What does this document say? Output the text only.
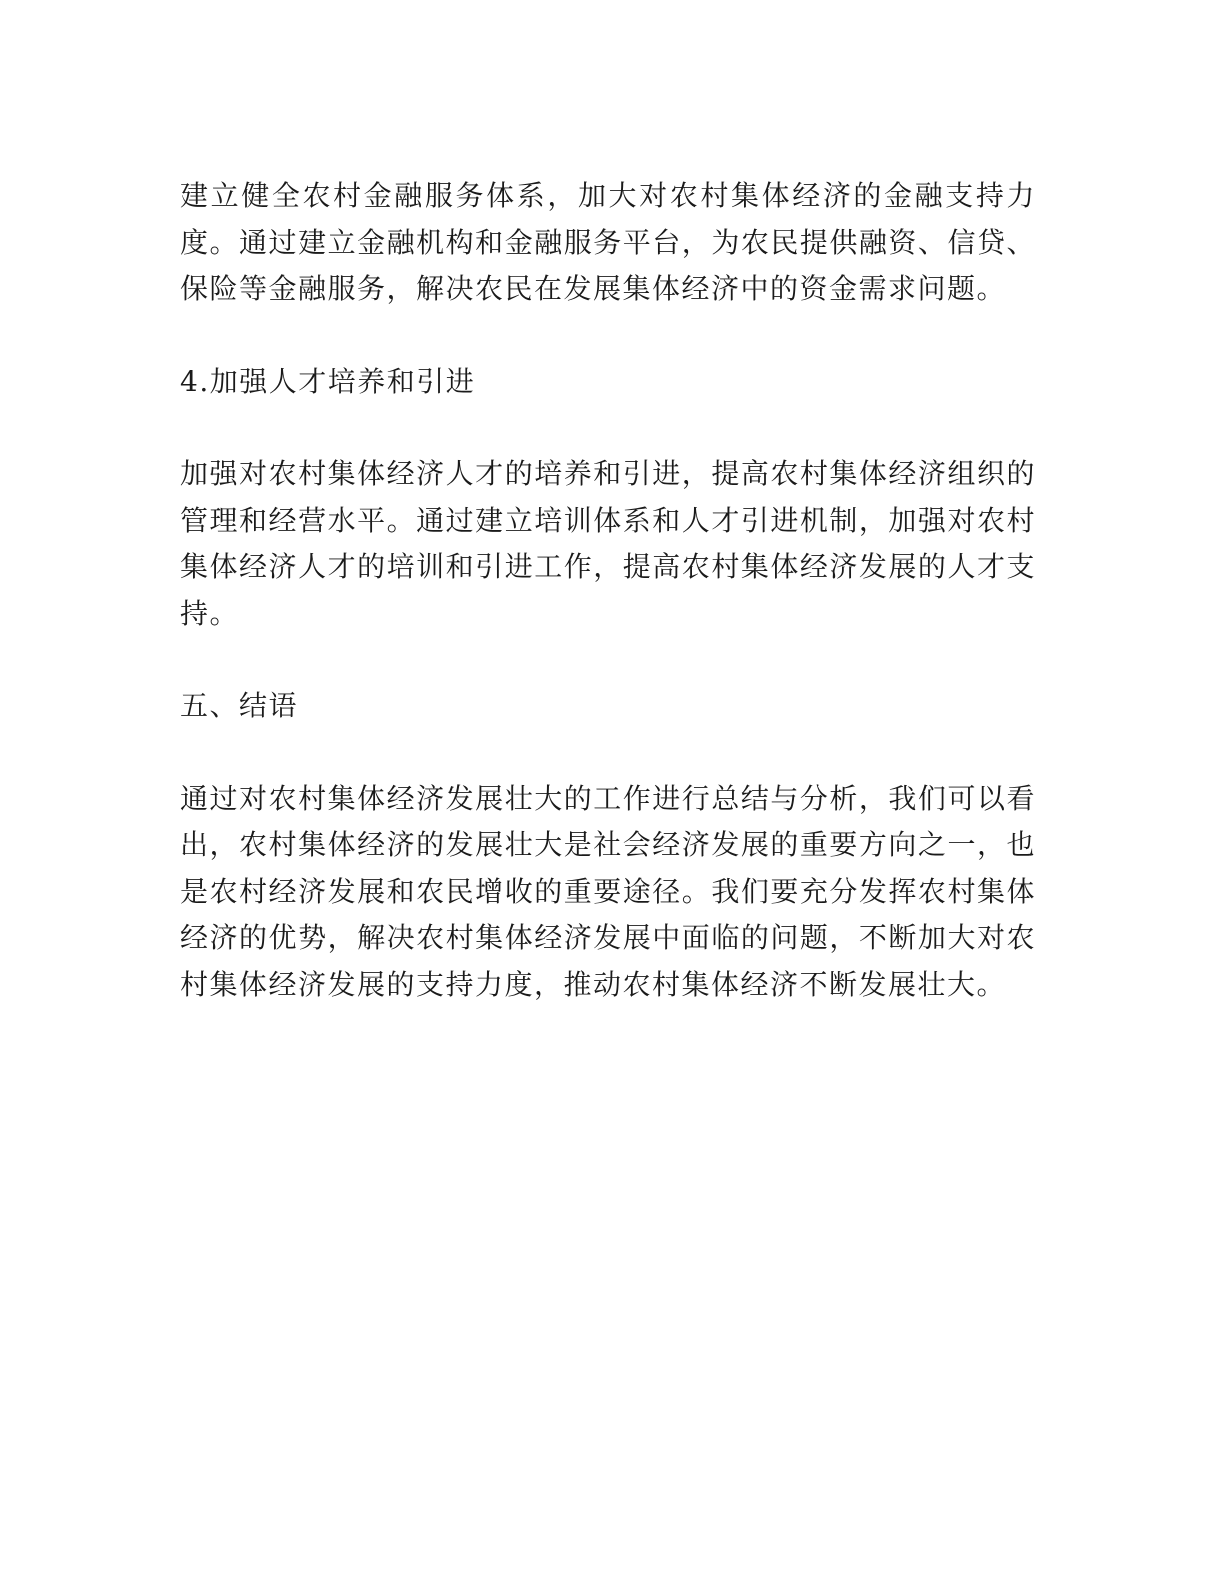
建立健全农村金融服务体系，加大对农村集体经济的金融支持力度。通过建立金融机构和金融服务平台，为农民提供融资、信贷、保险等金融服务，解决农民在发展集体经济中的资金需求问题。

4.加强人才培养和引进

加强对农村集体经济人才的培养和引进，提高农村集体经济组织的管理和经营水平。通过建立培训体系和人才引进机制，加强对农村集体经济人才的培训和引进工作，提高农村集体经济发展的人才支持。

五、结语

通过对农村集体经济发展壮大的工作进行总结与分析，我们可以看出，农村集体经济的发展壮大是社会经济发展的重要方向之一，也是农村经济发展和农民增收的重要途径。我们要充分发挥农村集体经济的优势，解决农村集体经济发展中面临的问题，不断加大对农村集体经济发展的支持力度，推动农村集体经济不断发展壮大。
